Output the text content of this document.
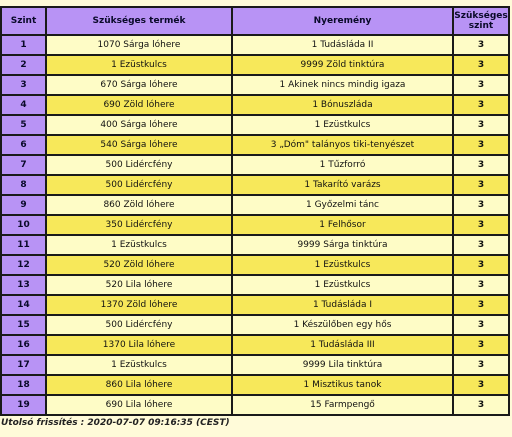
Szint	Szükséges termék	Nyeremény	Szükséges szint
1	1070 Sárga lóhere	1 Tudásláda II	3
2	1 Ezüstkulcs	9999 Zöld tinktúra	3
3	670 Sárga lóhere	1 Akinek nincs mindig igaza	3
4	690 Zöld lóhere	1 Bónuszláda	3
5	400 Sárga lóhere	1 Ezüstkulcs	3
6	540 Sárga lóhere	3 „Dóm" talányos tiki-tenyészet	3
7	500 Lidércfény	1 Tűzforró	3
8	500 Lidércfény	1 Takarító varázs	3
9	860 Zöld lóhere	1 Győzelmi tánc	3
10	350 Lidércfény	1 Felhősor	3
11	1 Ezüstkulcs	9999 Sárga tinktúra	3
12	520 Zöld lóhere	1 Ezüstkulcs	3
13	520 Lila lóhere	1 Ezüstkulcs	3
14	1370 Zöld lóhere	1 Tudásláda I	3
15	500 Lidércfény	1 Készülőben egy hős	3
16	1370 Lila lóhere	1 Tudásláda III	3
17	1 Ezüstkulcs	9999 Lila tinktúra	3
18	860 Lila lóhere	1 Misztikus tanok	3
19	690 Lila lóhere	15 Farmpengő	3
Utolsó frissítés : 2020-07-07 09:16:35 (CEST)
